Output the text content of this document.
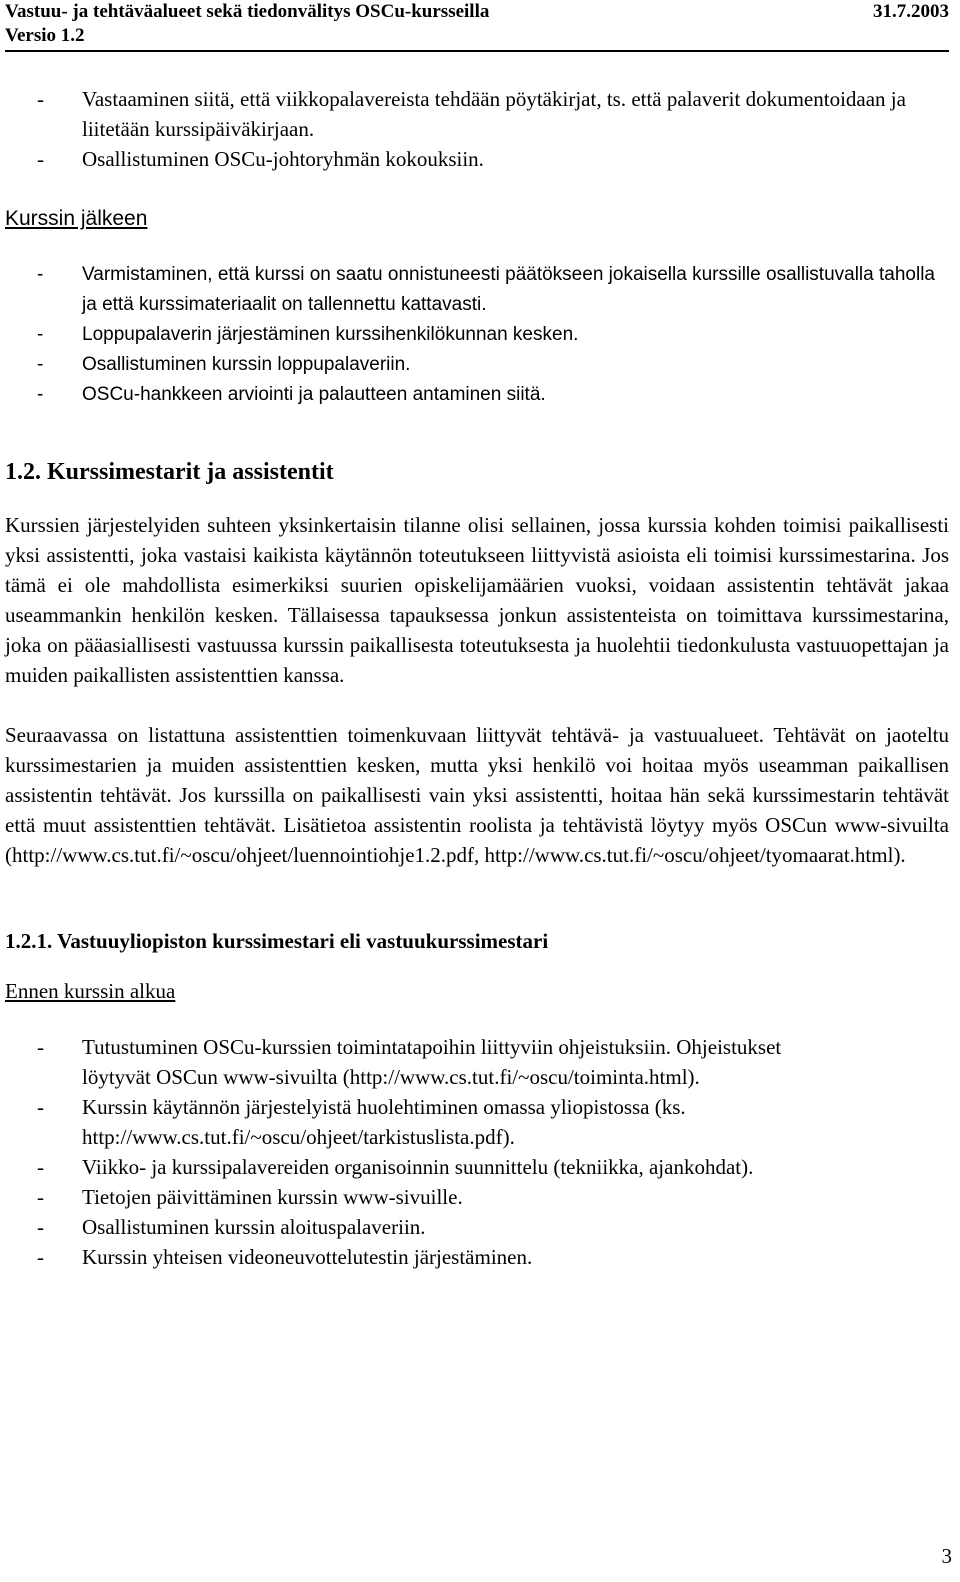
Vastuu- ja tehtäväalueet sekä tiedonvälitys OSCu-kursseilla	31.7.2003
Versio 1.2
- Vastaaminen siitä, että viikkopalavereista tehdään pöytäkirjat, ts. että palaverit dokumentoidaan ja liitetään kurssipäiväkirjaan.
- Osallistuminen OSCu-johtoryhmän kokouksiin.
Kurssin jälkeen
- Varmistaminen, että kurssi on saatu onnistuneesti päätökseen jokaisella kurssille osallistuvalla taholla ja että kurssimateriaalit on tallennettu kattavasti.
- Loppupalaverin järjestäminen kurssihenkilökunnan kesken.
- Osallistuminen kurssin loppupalaveriin.
- OSCu-hankkeen arviointi ja palautteen antaminen siitä.
1.2. Kurssimestarit ja assistentit

Kurssien järjestelyiden suhteen yksinkertaisin tilanne olisi sellainen, jossa kurssia kohden toimisi paikallisesti yksi assistentti, joka vastaisi kaikista käytännön toteutukseen liittyvistä asioista eli toimisi kurssimestarina. Jos tämä ei ole mahdollista esimerkiksi suurien opiskelijamäärien vuoksi, voidaan assistentin tehtävät jakaa useammankin henkilön kesken. Tällaisessa tapauksessa jonkun assistenteista on toimittava kurssimestarina, joka on pääasiallisesti vastuussa kurssin paikallisesta toteutuksesta ja huolehtii tiedonkulusta vastuuopettajan ja muiden paikallisten assistenttien kanssa.

Seuraavassa on listattuna assistenttien toimenkuvaan liittyvät tehtävä- ja vastuualueet. Tehtävät on jaoteltu kurssimestarien ja muiden assistenttien kesken, mutta yksi henkilö voi hoitaa myös useamman paikallisen assistentin tehtävät. Jos kurssilla on paikallisesti vain yksi assistentti, hoitaa hän sekä kurssimestarin tehtävät että muut assistenttien tehtävät. Lisätietoa assistentin roolista ja tehtävistä löytyy myös OSCun www-sivuilta (http://www.cs.tut.fi/~oscu/ohjeet/luennointiohje1.2.pdf, http://www.cs.tut.fi/~oscu/ohjeet/tyomaarat.html).

1.2.1. Vastuuyliopiston kurssimestari eli vastuukurssimestari
Ennen kurssin alkua
- Tutustuminen OSCu-kurssien toimintatapoihin liittyviin ohjeistuksiin. Ohjeistukset löytyvät OSCun www-sivuilta (http://www.cs.tut.fi/~oscu/toiminta.html).
- Kurssin käytännön järjestelyistä huolehtiminen omassa yliopistossa (ks. http://www.cs.tut.fi/~oscu/ohjeet/tarkistuslista.pdf).
- Viikko- ja kurssipalavereiden organisoinnin suunnittelu (tekniikka, ajankohdat).
- Tietojen päivittäminen kurssin www-sivuille.
- Osallistuminen kurssin aloituspalaveriin.
- Kurssin yhteisen videoneuvottelutestin järjestäminen.
3
